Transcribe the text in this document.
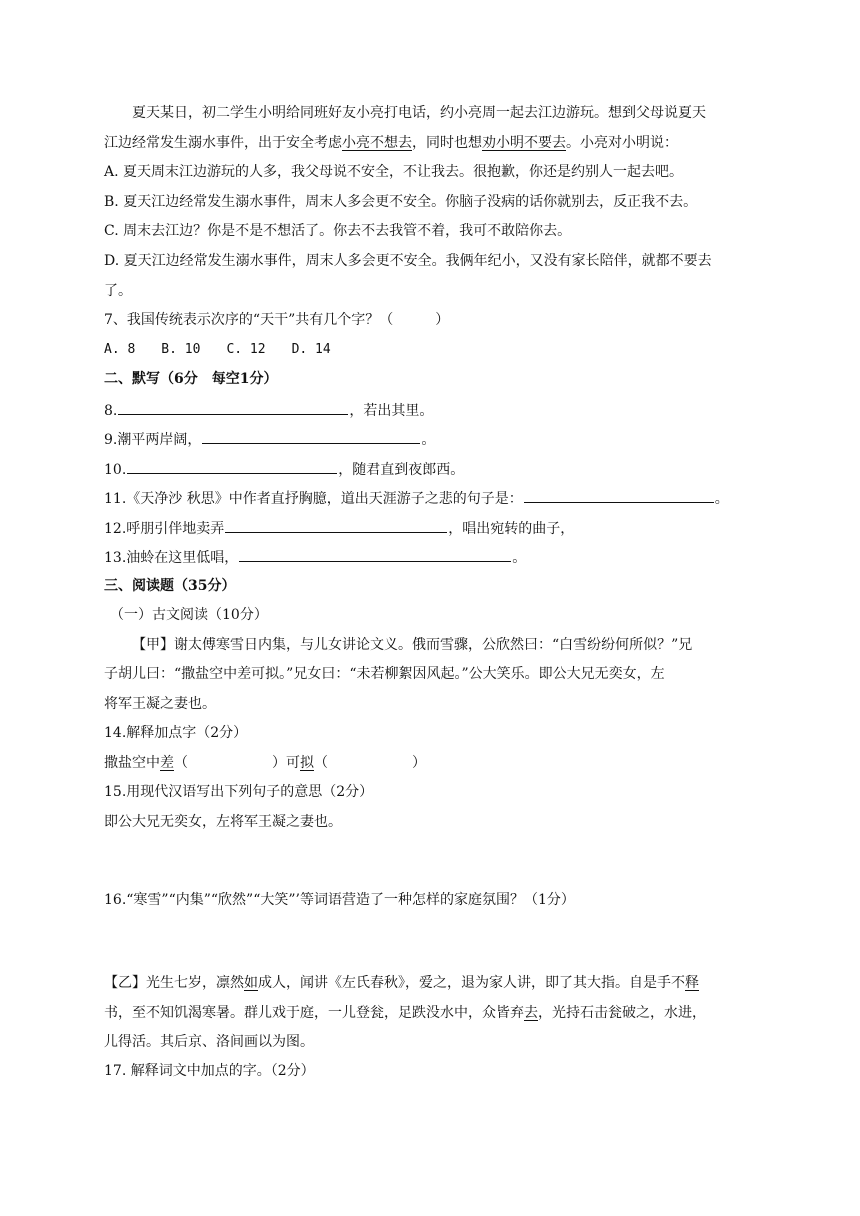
夏天某日，初二学生小明给同班好友小亮打电话，约小亮周一起去江边游玩。想到父母说夏天
江边经常发生溺水事件，出于安全考虑小亮不想去，同时也想劝小明不要去。小亮对小明说：
A. 夏天周末江边游玩的人多，我父母说不安全，不让我去。很抱歉，你还是约别人一起去吧。
B. 夏天江边经常发生溺水事件，周末人多会更不安全。你脑子没病的话你就别去，反正我不去。
C. 周末去江边？你是不是不想活了。你去不去我管不着，我可不敢陪你去。
D. 夏天江边经常发生溺水事件，周末人多会更不安全。我俩年纪小，又没有家长陪伴，就都不要去
了。
7、我国传统表示次序的“天干”共有几个字？（　　　）
A. 8　　B. 10　　C. 12　　D. 14
二、默写（6分　每空1分）
8.	，若出其里。
9.潮平两岸阔，	。
10.	，随君直到夜郎西。
11.《天净沙 秋思》中作者直抒胸臆，道出天涯游子之悲的句子是：	。
12.呼朋引伴地卖弄	，唱出宛转的曲子，
13.油蛉在这里低唱，	。
三、阅读题（35分）
（一）古文阅读（10分）
【甲】谢太傅寒雪日内集，与儿女讲论文义。俄而雪骤，公欣然曰：“白雪纷纷何所似？”兄
子胡儿曰：“撒盐空中差可拟。”兄女曰：“未若柳絮因风起。”公大笑乐。即公大兄无奕女，左
将军王凝之妻也。
14.解释加点字（2分）
撒盐空中差（	）可拟（	）
15.用现代汉语写出下列句子的意思（2分）
即公大兄无奕女，左将军王凝之妻也。
16.“寒雪”“内集”“欣然”“大笑”’等词语营造了一种怎样的家庭氛围？（1分）
【乙】光生七岁，凛然如成人，闻讲《左氏春秋》，爱之，退为家人讲，即了其大指。自是手不释
书，至不知饥渴寒暑。群儿戏于庭，一儿登瓮，足跌没水中，众皆弃去，光持石击瓮破之，水进，
儿得活。其后京、洛间画以为图。
17. 解释词文中加点的字。（2分）
